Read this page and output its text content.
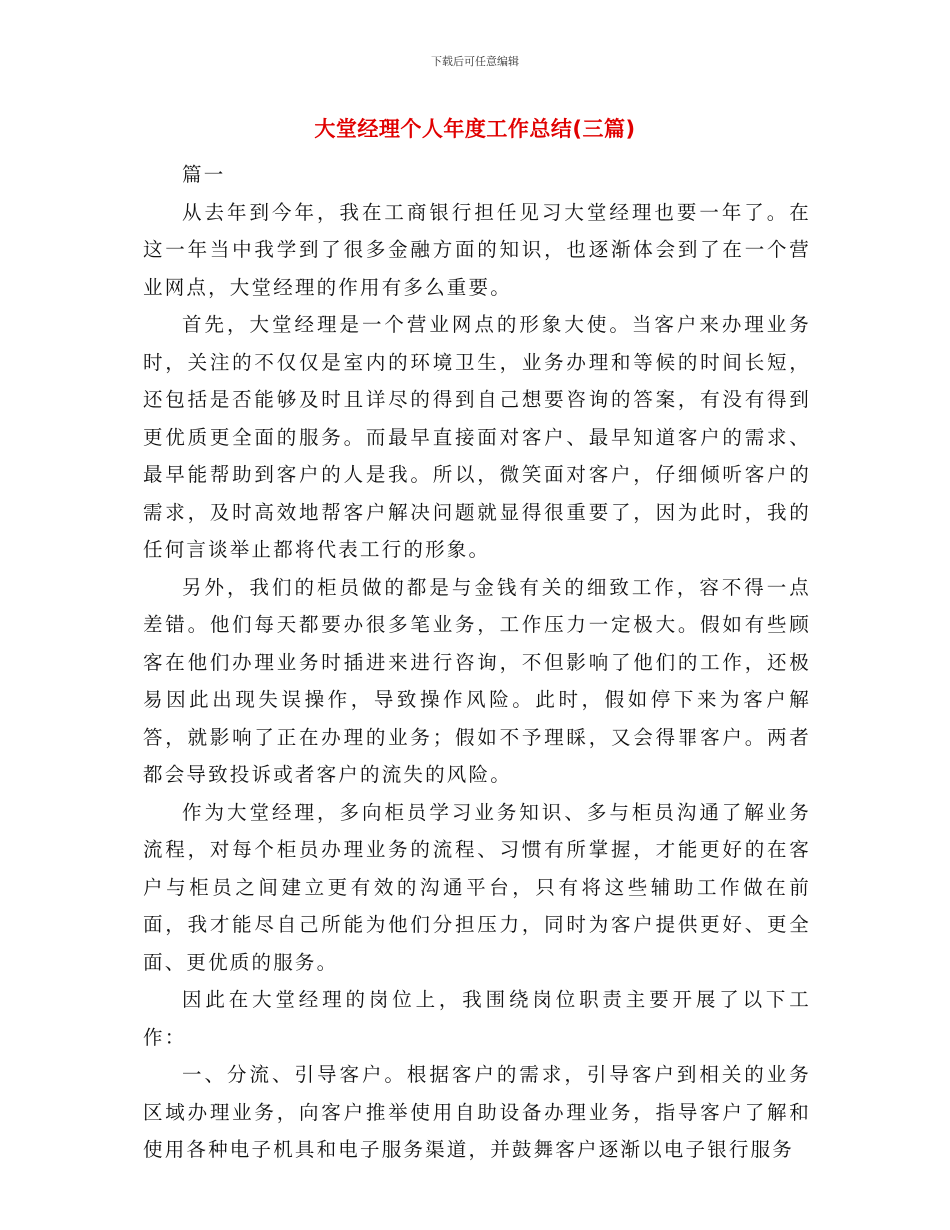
下载后可任意编辑
大堂经理个人年度工作总结(三篇)

篇一

从去年到今年，我在工商银行担任见习大堂经理也要一年了。在这一年当中我学到了很多金融方面的知识，也逐渐体会到了在一个营业网点，大堂经理的作用有多么重要。

首先，大堂经理是一个营业网点的形象大使。当客户来办理业务时，关注的不仅仅是室内的环境卫生，业务办理和等候的时间长短，还包括是否能够及时且详尽的得到自己想要咨询的答案，有没有得到更优质更全面的服务。而最早直接面对客户、最早知道客户的需求、最早能帮助到客户的人是我。所以，微笑面对客户，仔细倾听客户的需求，及时高效地帮客户解决问题就显得很重要了，因为此时，我的任何言谈举止都将代表工行的形象。

另外，我们的柜员做的都是与金钱有关的细致工作，容不得一点差错。他们每天都要办很多笔业务，工作压力一定极大。假如有些顾客在他们办理业务时插进来进行咨询，不但影响了他们的工作，还极易因此出现失误操作，导致操作风险。此时，假如停下来为客户解答，就影响了正在办理的业务；假如不予理睬，又会得罪客户。两者都会导致投诉或者客户的流失的风险。

作为大堂经理，多向柜员学习业务知识、多与柜员沟通了解业务流程，对每个柜员办理业务的流程、习惯有所掌握，才能更好的在客户与柜员之间建立更有效的沟通平台，只有将这些辅助工作做在前面，我才能尽自己所能为他们分担压力，同时为客户提供更好、更全面、更优质的服务。

因此在大堂经理的岗位上，我围绕岗位职责主要开展了以下工作：

一、分流、引导客户。根据客户的需求，引导客户到相关的业务区域办理业务，向客户推举使用自助设备办理业务，指导客户了解和使用各种电子机具和电子服务渠道，并鼓舞客户逐渐以电子银行服务
